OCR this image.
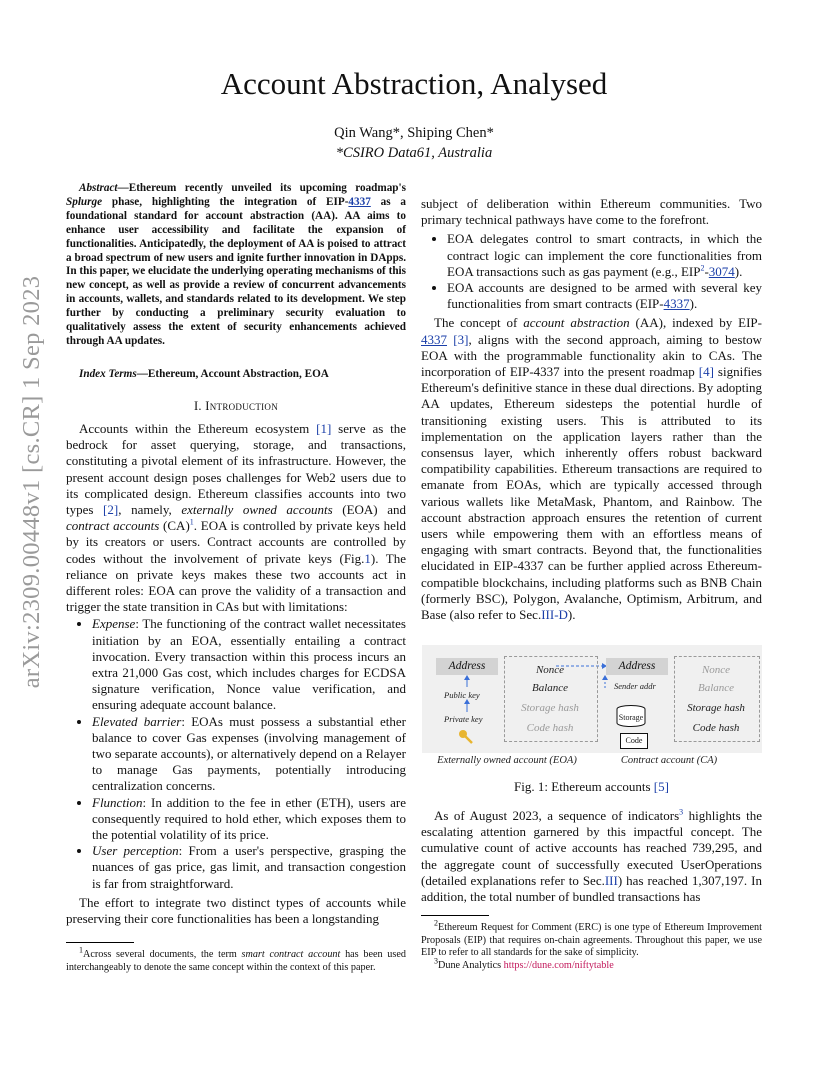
Account Abstraction, Analysed
Qin Wang*, Shiping Chen*
*CSIRO Data61, Australia
arXiv:2309.00448v1 [cs.CR] 1 Sep 2023

Abstract—Ethereum recently unveiled its upcoming roadmap's Splurge phase, highlighting the integration of EIP-4337 as a foundational standard for account abstraction (AA). AA aims to enhance user accessibility and facilitate the expansion of functionalities. Anticipatedly, the deployment of AA is poised to attract a broad spectrum of new users and ignite further innovation in DApps. In this paper, we elucidate the underlying operating mechanisms of this new concept, as well as provide a review of concurrent advancements in accounts, wallets, and standards related to its development. We step further by conducting a preliminary security evaluation to qualitatively assess the extent of security enhancements achieved through AA updates.

Index Terms—Ethereum, Account Abstraction, EOA

I. Introduction

Accounts within the Ethereum ecosystem [1] serve as the bedrock for asset querying, storage, and transactions, constituting a pivotal element of its infrastructure. However, the present account design poses challenges for Web2 users due to its complicated design. Ethereum classifies accounts into two types [2], namely, externally owned accounts (EOA) and contract accounts (CA)$^1$. EOA is controlled by private keys held by its creators or users. Contract accounts are controlled by codes without the involvement of private keys (Fig.1). The reliance on private keys makes these two accounts act in different roles: EOA can prove the validity of a transaction and trigger the state transition in CAs but with limitations:

• Expense: The functioning of the contract wallet necessitates initiation by an EOA, essentially entailing a contract invocation. Every transaction within this process incurs an extra 21,000 Gas cost, which includes charges for ECDSA signature verification, Nonce value verification, and ensuring adequate account balance.
• Elevated barrier: EOAs must possess a substantial ether balance to cover Gas expenses (involving management of two separate accounts), or alternatively depend on a Relayer to manage Gas payments, potentially introducing centralization concerns.
• Flunction: In addition to the fee in ether (ETH), users are consequently required to hold ether, which exposes them to the potential volatility of its price.
• User perception: From a user's perspective, grasping the nuances of gas price, gas limit, and transaction congestion is far from straightforward.

The effort to integrate two distinct types of accounts while preserving their core functionalities has been a longstanding

$^1$Across several documents, the term smart contract account has been used interchangeably to denote the same concept within the context of this paper.

subject of deliberation within Ethereum communities. Two primary technical pathways have come to the forefront.

• EOA delegates control to smart contracts, in which the contract logic can implement the core functionalities from EOA transactions such as gas payment (e.g., EIP$^2$-3074).
• EOA accounts are designed to be armed with several key functionalities from smart contracts (EIP-4337).

The concept of account abstraction (AA), indexed by EIP-4337 [3], aligns with the second approach, aiming to bestow EOA with the programmable functionality akin to CAs. The incorporation of EIP-4337 into the present roadmap [4] signifies Ethereum's definitive stance in these dual directions. By adopting AA updates, Ethereum sidesteps the potential hurdle of transitioning existing users. This is attributed to its implementation on the application layers rather than the consensus layer, which inherently offers robust backward compatibility capabilities. Ethereum transactions are required to emanate from EOAs, which are typically accessed through various wallets like MetaMask, Phantom, and Rainbow. The account abstraction approach ensures the retention of current users while empowering them with an effortless means of engaging with smart contracts. Beyond that, the functionalities elucidated in EIP-4337 can be further applied across Ethereum-compatible blockchains, including platforms such as BNB Chain (formerly BSC), Polygon, Avalanche, Optimism, Arbitrum, and Base (also refer to Sec.III-D).

Address
Public key
Private key
Nonce
Balance
Storage hash
Code hash
Address
Sender addr
Storage
Code
Nonce
Balance
Storage hash
Code hash
Externally owned account (EOA)	Contract account (CA)
Fig. 1: Ethereum accounts [5]

As of August 2023, a sequence of indicators$^3$ highlights the escalating attention garnered by this impactful concept. The cumulative count of active accounts has reached 739,295, and the aggregate count of successfully executed UserOperations (detailed explanations refer to Sec.III) has reached 1,307,197. In addition, the total number of bundled transactions has

$^2$Ethereum Request for Comment (ERC) is one type of Ethereum Improvement Proposals (EIP) that requires on-chain agreements. Throughout this paper, we use EIP to refer to all standards for the sake of simplicity.

$^3$Dune Analytics https://dune.com/niftytable
